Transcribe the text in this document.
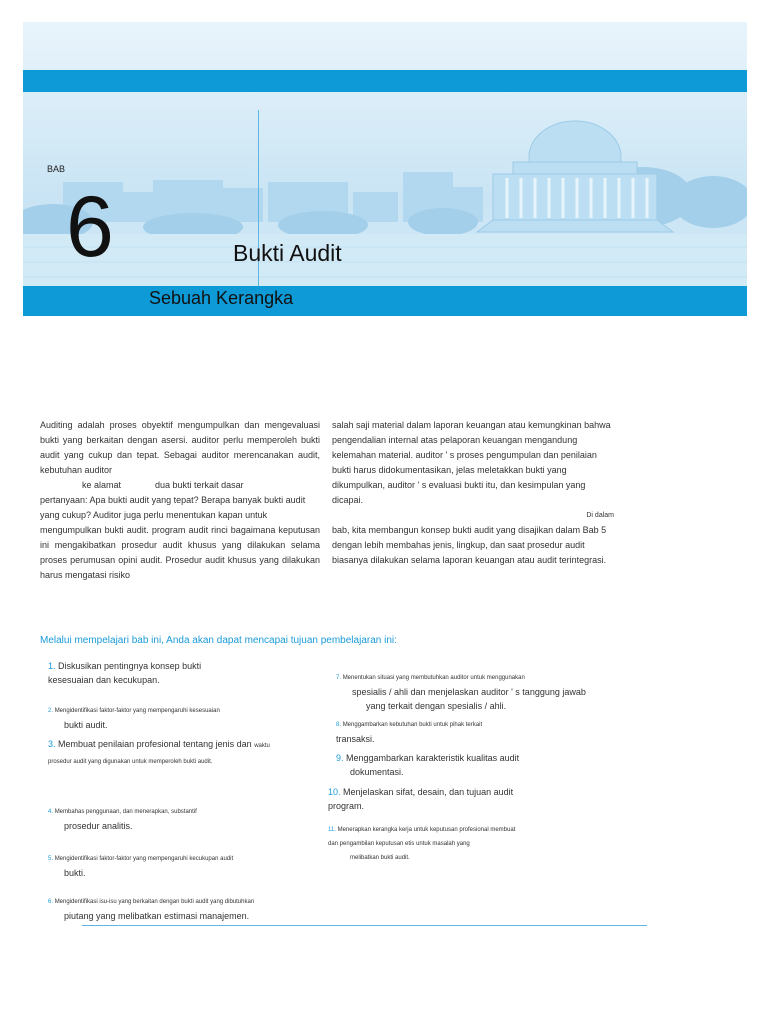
BAB
6	Bukti Audit
Sebuah Kerangka

Auditing adalah proses obyektif mengumpulkan dan mengevaluasi bukti yang berkaitan dengan asersi. auditor perlu memperoleh bukti audit yang cukup dan tepat. Sebagai auditor merencanakan audit, kebutuhan auditor

ke alamat	dua bukti terkait dasar

pertanyaan: Apa bukti audit yang tepat? Berapa banyak bukti audit yang cukup? Auditor juga perlu menentukan kapan untuk

mengumpulkan bukti audit. program audit rinci bagaimana keputusan ini mengakibatkan prosedur audit khusus yang dilakukan selama proses perumusan opini audit. Prosedur audit khusus yang dilakukan harus mengatasi risiko

salah saji material dalam laporan keuangan atau kemungkinan bahwa pengendalian internal atas pelaporan keuangan mengandung kelemahan material. auditor ' s proses pengumpulan dan penilaian bukti harus didokumentasikan, jelas meletakkan bukti yang dikumpulkan, auditor ' s evaluasi bukti itu, dan kesimpulan yang dicapai.

Di dalam

bab, kita membangun konsep bukti audit yang disajikan dalam Bab 5 dengan lebih membahas jenis, lingkup, dan saat prosedur audit biasanya dilakukan selama laporan keuangan atau audit terintegrasi.

Melalui mempelajari bab ini, Anda akan dapat mencapai tujuan pembelajaran ini:
1. Diskusikan pentingnya konsep bukti
kesesuaian dan kecukupan.
2. Mengidentifikasi faktor-faktor yang mempengaruhi kesesuaian
bukti audit.
3. Membuat penilaian profesional tentang jenis dan waktu
prosedur audit yang digunakan untuk memperoleh bukti audit.
4. Membahas penggunaan, dan menerapkan, substantif
prosedur analitis.
5. Mengidentifikasi faktor-faktor yang mempengaruhi kecukupan audit
bukti.
6. Mengidentifikasi isu-isu yang berkaitan dengan bukti audit yang dibutuhkan
piutang yang melibatkan estimasi manajemen.
7. Menentukan situasi yang membutuhkan auditor untuk menggunakan
spesialis / ahli dan menjelaskan auditor ' s tanggung jawab
yang terkait dengan spesialis / ahli.
8. Menggambarkan kebutuhan bukti untuk pihak terkait
transaksi.
9. Menggambarkan karakteristik kualitas audit
dokumentasi.
10. Menjelaskan sifat, desain, dan tujuan audit
program.
11. Menerapkan kerangka kerja untuk keputusan profesional membuat
dan pengambilan keputusan etis untuk masalah yang
melibatkan bukti audit.
